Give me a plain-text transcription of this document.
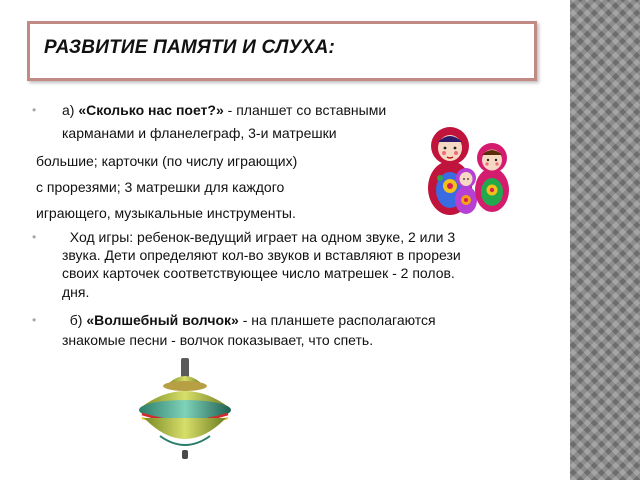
РАЗВИТИЕ ПАМЯТИ И СЛУХА:
• а) «Сколько нас поет?» - планшет со вставными

карманами и фланелеграф, 3-и матрешки

большие; карточки (по числу играющих)

с прорезями; 3 матрешки для каждого

играющего, музыкальные инструменты.

• Ход игры: ребенок-ведущий играет на одном звуке, 2 или 3

звука. Дети определяют кол-во звуков и вставляют в прорези

своих карточек соответствующее число матрешек - 2 полов.

дня.

• б) «Волшебный волчок» - на планшете располагаются

знакомые песни - волчок показывает, что спеть.
